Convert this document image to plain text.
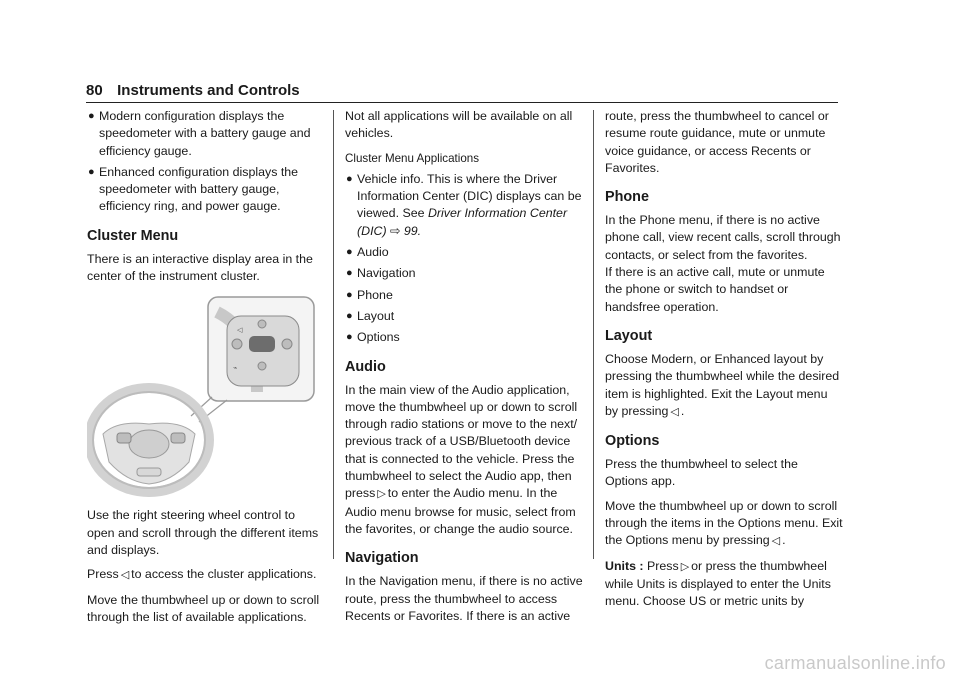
80 Instruments and Controls
● Modern configuration displays the speedometer with a battery gauge and efficiency gauge.
● Enhanced configuration displays the speedometer with battery gauge, efficiency ring, and power gauge.
Cluster Menu

There is an interactive display area in the center of the instrument cluster.

◁
⌁

Use the right steering wheel control to open and scroll through the different items and displays.

Press ◁ to access the cluster applications.

Move the thumbwheel up or down to scroll through the list of available applications.

Not all applications will be available on all vehicles.

Cluster Menu Applications

● Vehicle info. This is where the Driver Information Center (DIC) displays can be viewed. See Driver Information Center (DIC) ⇨ 99.
● Audio
● Navigation
● Phone
● Layout
● Options
Audio

In the main view of the Audio application, move the thumbwheel up or down to scroll through radio stations or move to the next/ previous track of a USB/Bluetooth device that is connected to the vehicle. Press the thumbwheel to select the Audio app, then press ▷ to enter the Audio menu. In the Audio menu browse for music, select from the favorites, or change the audio source.

Navigation

In the Navigation menu, if there is no active route, press the thumbwheel to access Recents or Favorites. If there is an active

route, press the thumbwheel to cancel or resume route guidance, mute or unmute voice guidance, or access Recents or Favorites.

Phone

In the Phone menu, if there is no active phone call, view recent calls, scroll through contacts, or select from the favorites.

If there is an active call, mute or unmute the phone or switch to handset or handsfree operation.

Layout

Choose Modern, or Enhanced layout by pressing the thumbwheel while the desired item is highlighted. Exit the Layout menu by pressing ◁ .

Options

Press the thumbwheel to select the Options app.

Move the thumbwheel up or down to scroll through the items in the Options menu. Exit the Options menu by pressing ◁ .

Units : Press ▷ or press the thumbwheel while Units is displayed to enter the Units menu. Choose US or metric units by

carmanualsonline.info
